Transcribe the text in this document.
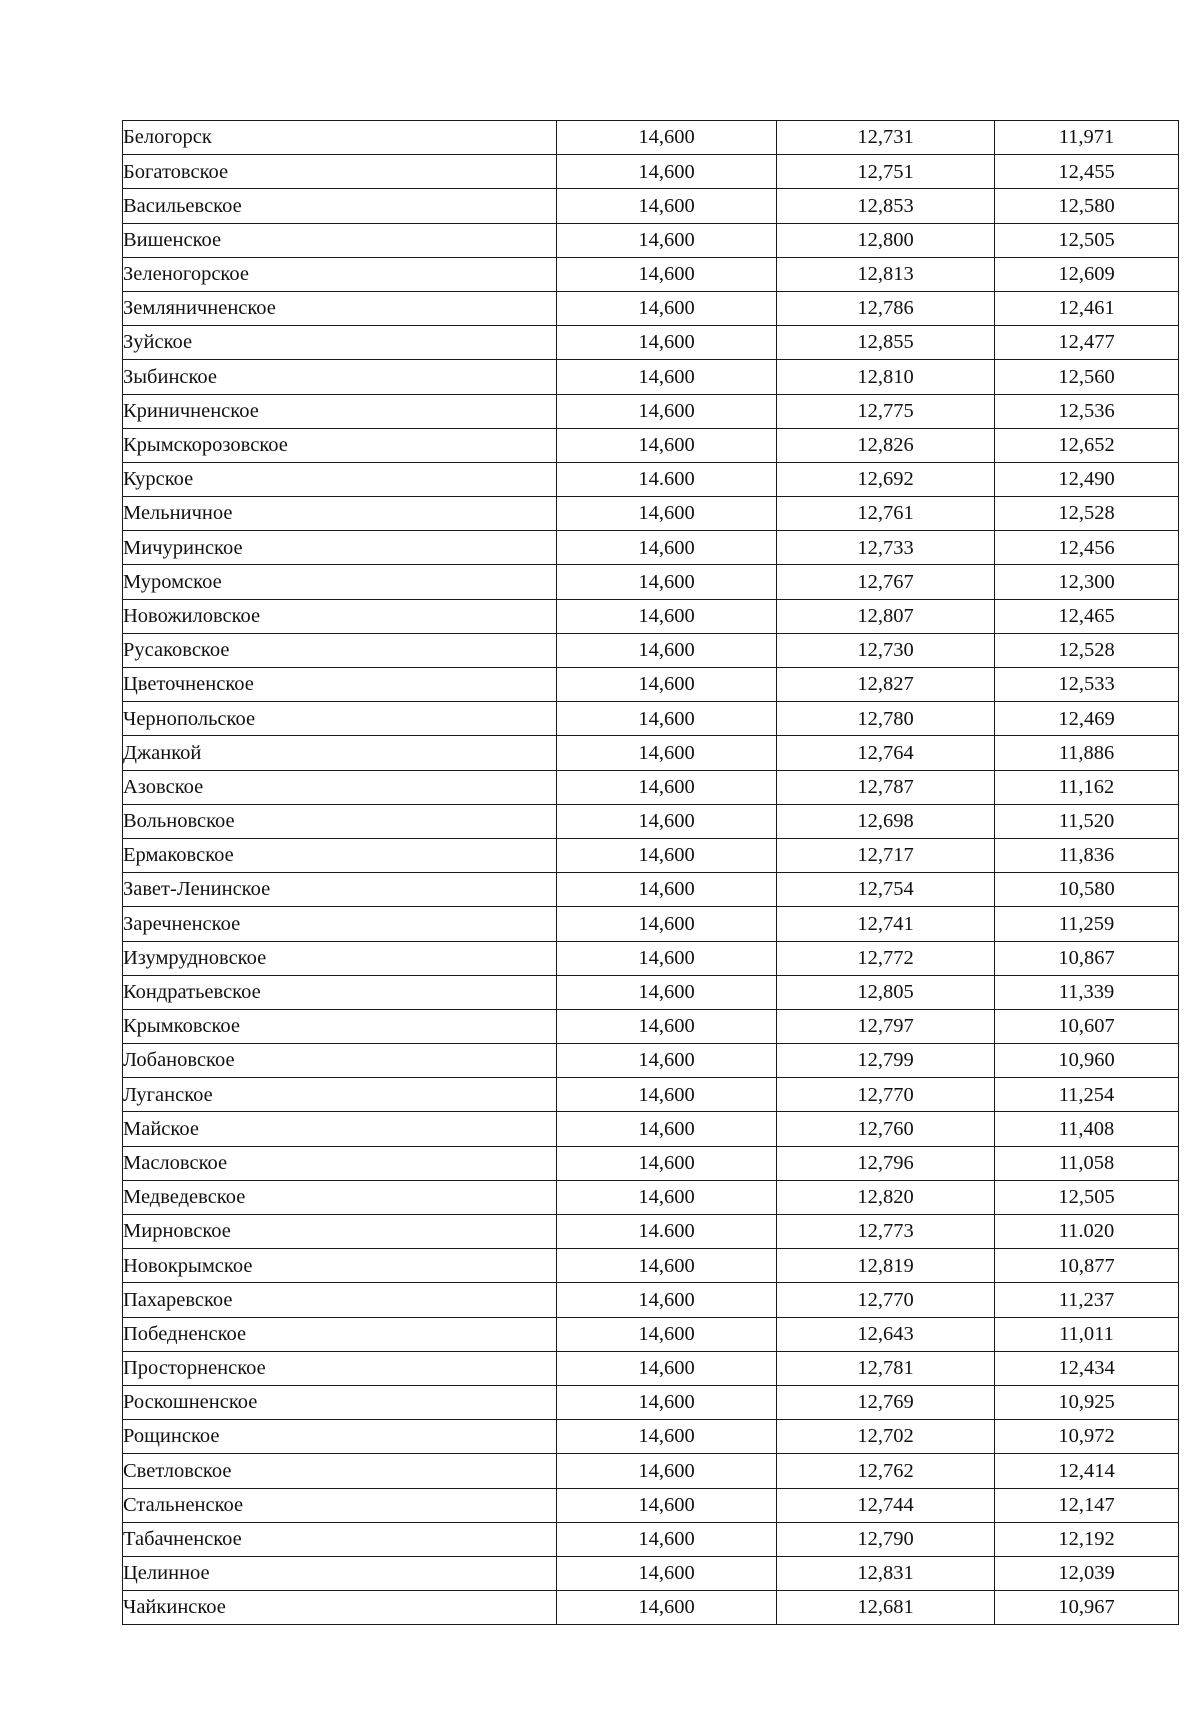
Белогорск	14,600	12,731	11,971
Богатовское	14,600	12,751	12,455
Васильевское	14,600	12,853	12,580
Вишенское	14,600	12,800	12,505
Зеленогорское	14,600	12,813	12,609
Земляничненское	14,600	12,786	12,461
Зуйское	14,600	12,855	12,477
Зыбинское	14,600	12,810	12,560
Криничненское	14,600	12,775	12,536
Крымскорозовское	14,600	12,826	12,652
Курское	14.600	12,692	12,490
Мельничное	14,600	12,761	12,528
Мичуринское	14,600	12,733	12,456
Муромское	14,600	12,767	12,300
Новожиловское	14,600	12,807	12,465
Русаковское	14,600	12,730	12,528
Цветочненское	14,600	12,827	12,533
Чернопольское	14,600	12,780	12,469
Джанкой	14,600	12,764	11,886
Азовское	14,600	12,787	11,162
Вольновское	14,600	12,698	11,520
Ермаковское	14,600	12,717	11,836
Завет-Ленинское	14,600	12,754	10,580
Заречненское	14,600	12,741	11,259
Изумрудновское	14,600	12,772	10,867
Кондратьевское	14,600	12,805	11,339
Крымковское	14,600	12,797	10,607
Лобановское	14,600	12,799	10,960
Луганское	14,600	12,770	11,254
Майское	14,600	12,760	11,408
Масловское	14,600	12,796	11,058
Медведевское	14,600	12,820	12,505
Мирновское	14.600	12,773	11.020
Новокрымское	14,600	12,819	10,877
Пахаревское	14,600	12,770	11,237
Победненское	14,600	12,643	11,011
Просторненское	14,600	12,781	12,434
Роскошненское	14,600	12,769	10,925
Рощинское	14,600	12,702	10,972
Светловское	14,600	12,762	12,414
Стальненское	14,600	12,744	12,147
Табачненское	14,600	12,790	12,192
Целинное	14,600	12,831	12,039
Чайкинское	14,600	12,681	10,967
